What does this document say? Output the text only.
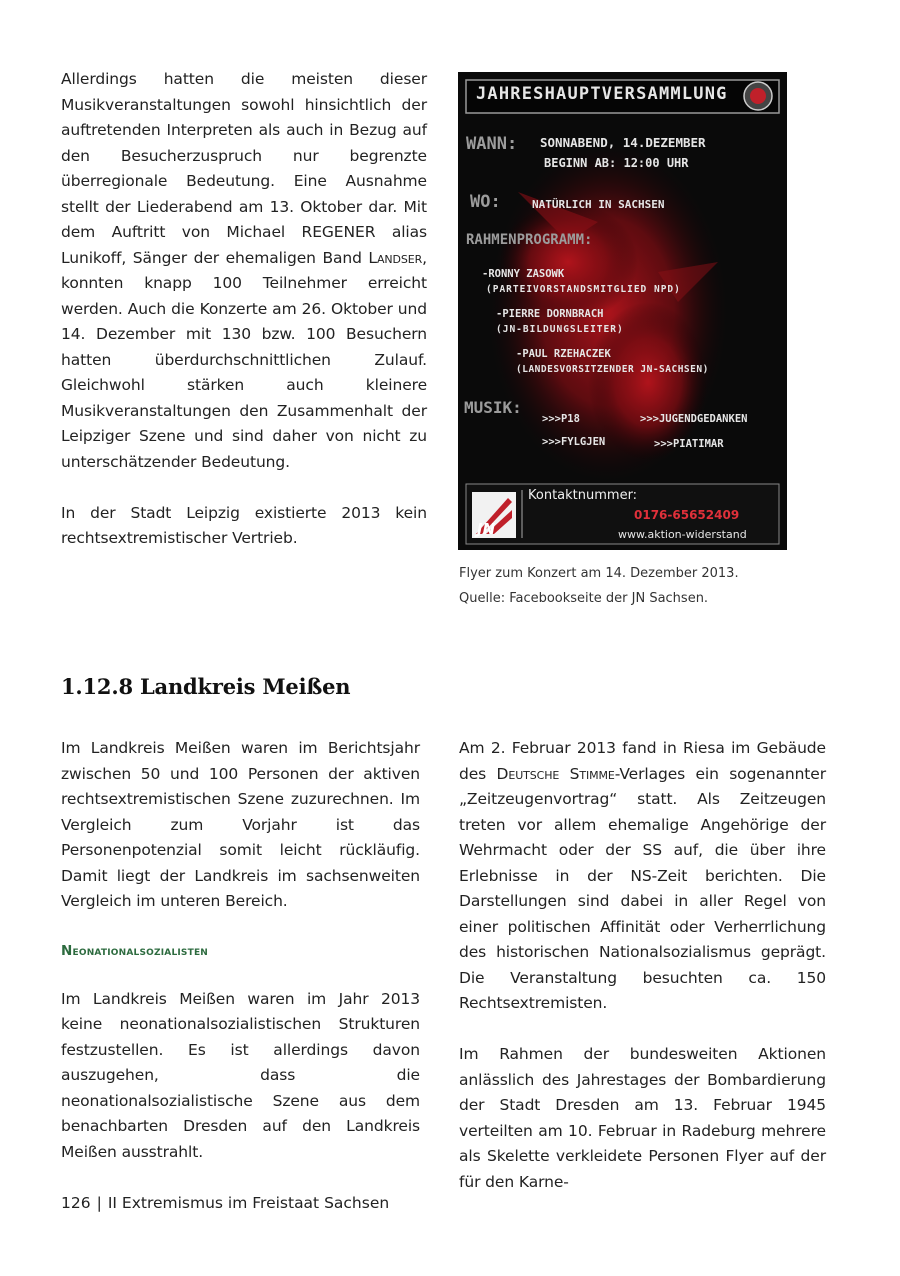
Allerdings hatten die meisten dieser Musikveranstaltungen sowohl hinsichtlich der auftretenden Interpreten als auch in Bezug auf den Besucherzuspruch nur begrenzte überregionale Bedeutung. Eine Ausnahme stellt der Liederabend am 13. Oktober dar. Mit dem Auftritt von Michael REGENER alias Lunikoff, Sänger der ehemaligen Band Landser, konnten knapp 100 Teilnehmer erreicht werden. Auch die Konzerte am 26. Oktober und 14. Dezember mit 130 bzw. 100 Besuchern hatten überdurchschnittlichen Zulauf. Gleichwohl stärken auch kleinere Musikveranstaltungen den Zusammenhalt der Leipziger Szene und sind daher von nicht zu unterschätzender Bedeutung.

In der Stadt Leipzig existierte 2013 kein rechtsextremistischer Vertrieb.

JAHRESHAUPTVERSAMMLUNG
WANN: SONNABEND, 14.DEZEMBER
BEGINN AB: 12:00 UHR
WO:	NATÜRLICH IN SACHSEN
RAHMENPROGRAMM:
-RONNY ZASOWK
(PARTEIVORSTANDSMITGLIED NPD)
-PIERRE DORNBRACH
(JN-BILDUNGSLEITER)
-PAUL RZEHACZEK
(LANDESVORSITZENDER JN-SACHSEN)
MUSIK:
>>>P18	>>>JUGENDGEDANKEN
>>>FYLGJEN	>>>PIATIMAR
JN
Kontaktnummer:
0176-65652409
www.aktion-widerstand
Flyer zum Konzert am 14. Dezember 2013.
Quelle: Facebookseite der JN Sachsen.
1.12.8 Landkreis Meißen

Im Landkreis Meißen waren im Berichtsjahr zwischen 50 und 100 Personen der aktiven rechtsextremistischen Szene zuzurechnen. Im Vergleich zum Vorjahr ist das Personenpotenzial somit leicht rückläufig. Damit liegt der Landkreis im sachsenweiten Vergleich im unteren Bereich.

Neonationalsozialisten

Im Landkreis Meißen waren im Jahr 2013 keine neonationalsozialistischen Strukturen festzustellen. Es ist allerdings davon auszugehen, dass die neonationalsozialistische Szene aus dem benachbarten Dresden auf den Landkreis Meißen ausstrahlt.

Am 2. Februar 2013 fand in Riesa im Gebäude des Deutsche Stimme-Verlages ein sogenannter „Zeitzeugenvortrag“ statt. Als Zeitzeugen treten vor allem ehemalige Angehörige der Wehrmacht oder der SS auf, die über ihre Erlebnisse in der NS-Zeit berichten. Die Darstellungen sind dabei in aller Regel von einer politischen Affinität oder Verherrlichung des historischen Nationalsozialismus geprägt. Die Veranstaltung besuchten ca. 150 Rechtsextremisten.

Im Rahmen der bundesweiten Aktionen anlässlich des Jahrestages der Bombardierung der Stadt Dresden am 13. Februar 1945 verteilten am 10. Februar in Radeburg mehrere als Skelette verkleidete Personen Flyer auf der für den Karne-

126 | II Extremismus im Freistaat Sachsen
